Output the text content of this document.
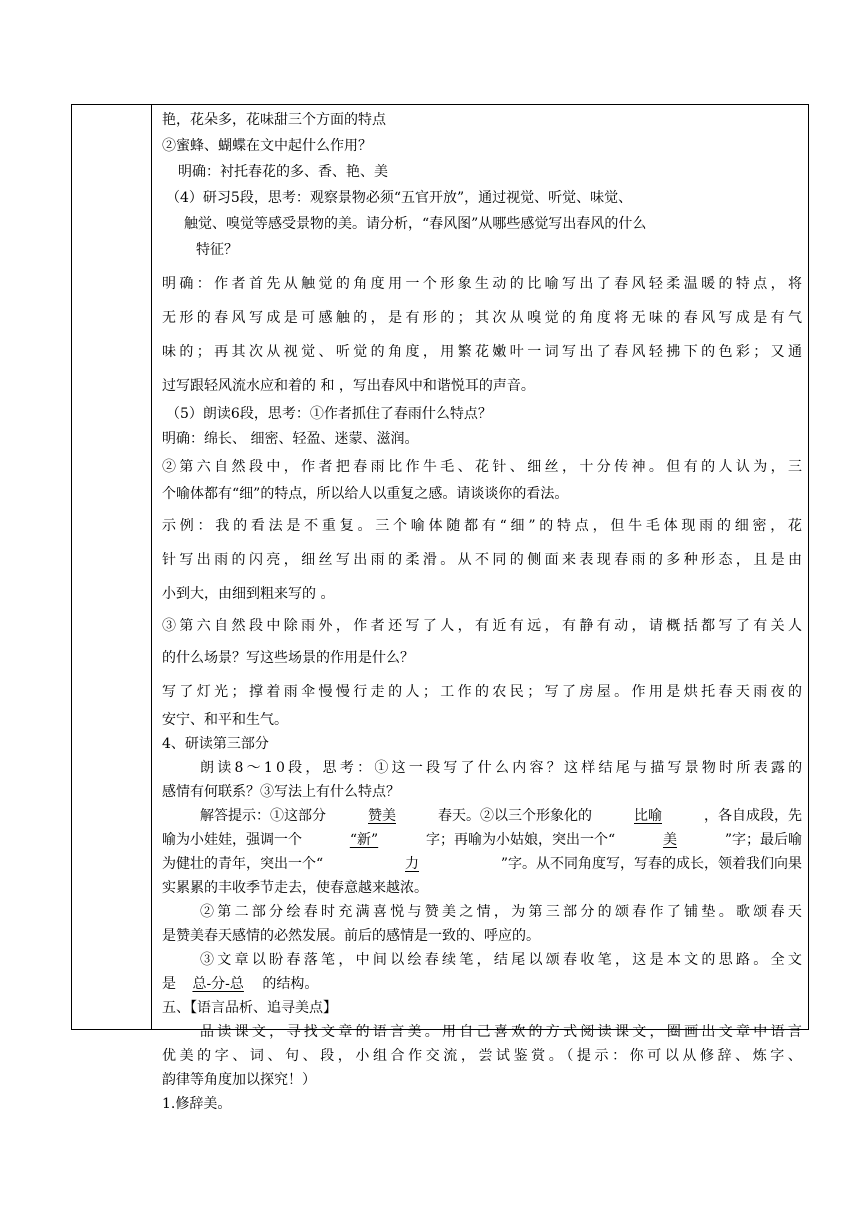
艳，花朵多，花味甜三个方面的特点
②蜜蜂、蝴蝶在文中起什么作用？
明确：衬托春花的多、香、艳、美
（4）研习5段，思考：观察景物必须“五官开放”，通过视觉、听觉、味觉、
触觉、嗅觉等感受景物的美。请分析，“春风图”从哪些感觉写出春风的什么
特征？
明确：作者首先从触觉的角度用一个形象生动的比喻写出了春风轻柔温暖的特点，将
无形的春风写成是可感触的，是有形的；其次从嗅觉的角度将无味的春风写成是有气
味的；再其次从视觉、听觉的角度，用繁花嫩叶一词写出了春风轻拂下的色彩；又通
过写跟轻风流水应和着的 和 ，写出春风中和谐悦耳的声音。
（5）朗读6段，思考：①作者抓住了春雨什么特点？
明确：绵长、 细密、轻盈、迷蒙、滋润。
②第六自然段中，作者把春雨比作牛毛、花针、细丝，十分传神。但有的人认为，三
个喻体都有“细”的特点，所以给人以重复之感。请谈谈你的看法。
示例：我的看法是不重复。三个喻体随都有“细”的特点，但牛毛体现雨的细密，花
针写出雨的闪亮，细丝写出雨的柔滑。从不同的侧面来表现春雨的多种形态，且是由
小到大，由细到粗来写的 。
③第六自然段中除雨外，作者还写了人，有近有远，有静有动，请概括都写了有关人
的什么场景？写这些场景的作用是什么？
写了灯光；撑着雨伞慢慢行走的人；工作的农民；写了房屋。作用是烘托春天雨夜的
安宁、和平和生气。
4、研读第三部分
朗读8～10段，思考：①这一段写了什么内容？这样结尾与描写景物时所表露的
感情有何联系？③写法上有什么特点？
解答提示：①这部分	赞美	春天。②以三个形象化的	比喻	，各自成段，先
喻为小娃娃，强调一个	“新”	字；再喻为小姑娘，突出一个“	美	”字；最后喻
为健壮的青年，突出一个“	力	”字。从不同角度写，写春的成长，领着我们向果
实累累的丰收季节走去，使春意越来越浓。
②第二部分绘春时充满喜悦与赞美之情，为第三部分的颂春作了铺垫。歌颂春天
是赞美春天感情的必然发展。前后的感情是一致的、呼应的。
③文章以盼春落笔，中间以绘春续笔，结尾以颂春收笔，这是本文的思路。全文
是 总-分-总 的结构。
五、【语言品析、追寻美点】
品读课文，寻找文章的语言美。用自己喜欢的方式阅读课文，圈画出文章中语言
优美的字、词、句、段，小组合作交流，尝试鉴赏。（提示：你可以从修辞、炼字、
韵律等角度加以探究！）
1.修辞美。
